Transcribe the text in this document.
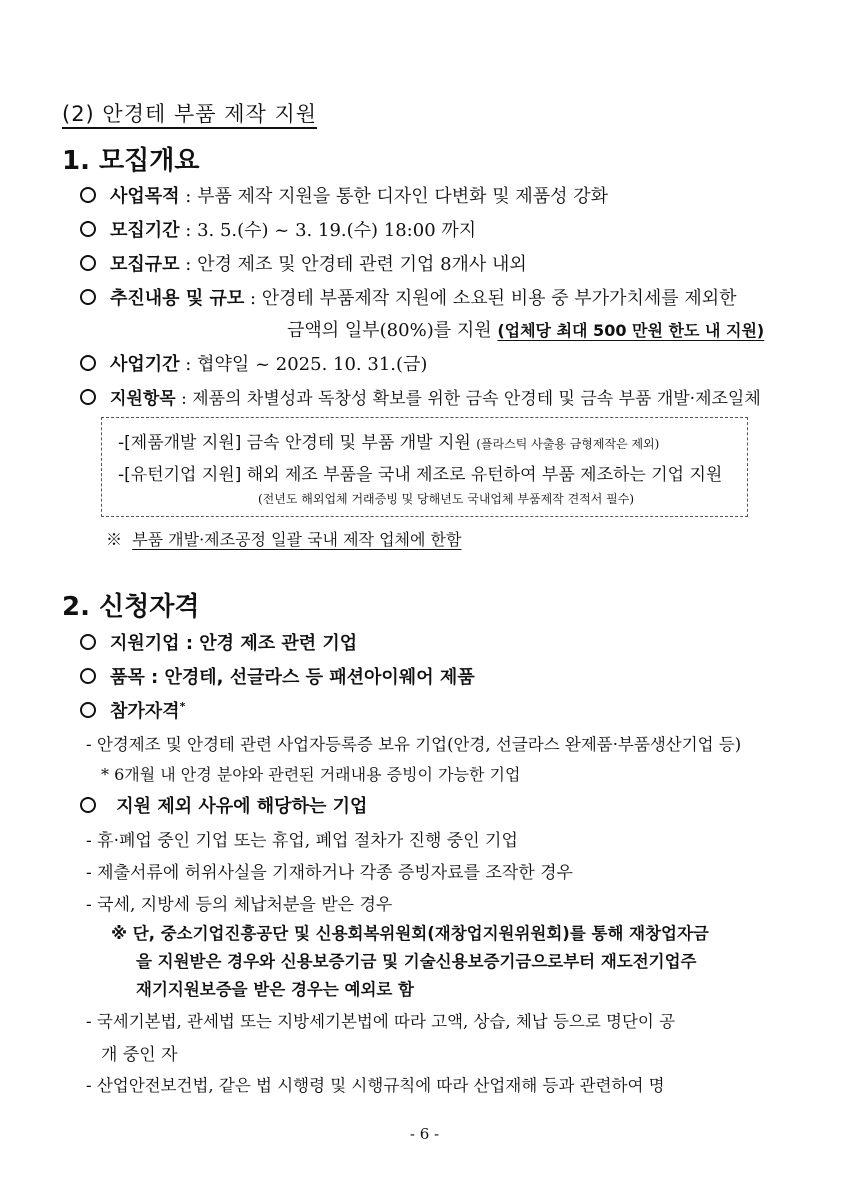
(2) 안경테 부품 제작 지원
1. 모집개요
사업목적 : 부품 제작 지원을 통한 디자인 다변화 및 제품성 강화
모집기간 : 3. 5.(수) ~ 3. 19.(수) 18:00 까지
모집규모 : 안경 제조 및 안경테 관련 기업 8개사 내외
추진내용 및 규모 : 안경테 부품제작 지원에 소요된 비용 중 부가가치세를 제외한
금액의 일부(80%)를 지원 (업체당 최대 500 만원 한도 내 지원)
사업기간 : 협약일 ~ 2025. 10. 31.(금)
지원항목 : 제품의 차별성과 독창성 확보를 위한 금속 안경테 및 금속 부품 개발·제조일체
-[제품개발 지원] 금속 안경테 및 부품 개발 지원 (플라스틱 사출용 금형제작은 제외)
-[유턴기업 지원] 해외 제조 부품을 국내 제조로 유턴하여 부품 제조하는 기업 지원
(전년도 해외업체 거래증빙 및 당해년도 국내업체 부품제작 견적서 필수)
※ 부품 개발·제조공정 일괄 국내 제작 업체에 한함
2. 신청자격
지원기업 : 안경 제조 관련 기업
품목 : 안경테, 선글라스 등 패션아이웨어 제품
참가자격*
- 안경제조 및 안경테 관련 사업자등록증 보유 기업(안경, 선글라스 완제품·부품생산기업 등)
* 6개월 내 안경 분야와 관련된 거래내용 증빙이 가능한 기업
지원 제외 사유에 해당하는 기업
- 휴·폐업 중인 기업 또는 휴업, 폐업 절차가 진행 중인 기업
- 제출서류에 허위사실을 기재하거나 각종 증빙자료를 조작한 경우
- 국세, 지방세 등의 체납처분을 받은 경우
※ 단, 중소기업진흥공단 및 신용회복위원회(재창업지원위원회)를 통해 재창업자금
을 지원받은 경우와 신용보증기금 및 기술신용보증기금으로부터 재도전기업주
재기지원보증을 받은 경우는 예외로 함
- 국세기본법, 관세법 또는 지방세기본법에 따라 고액, 상습, 체납 등으로 명단이 공
개 중인 자
- 산업안전보건법, 같은 법 시행령 및 시행규칙에 따라 산업재해 등과 관련하여 명
- 6 -
